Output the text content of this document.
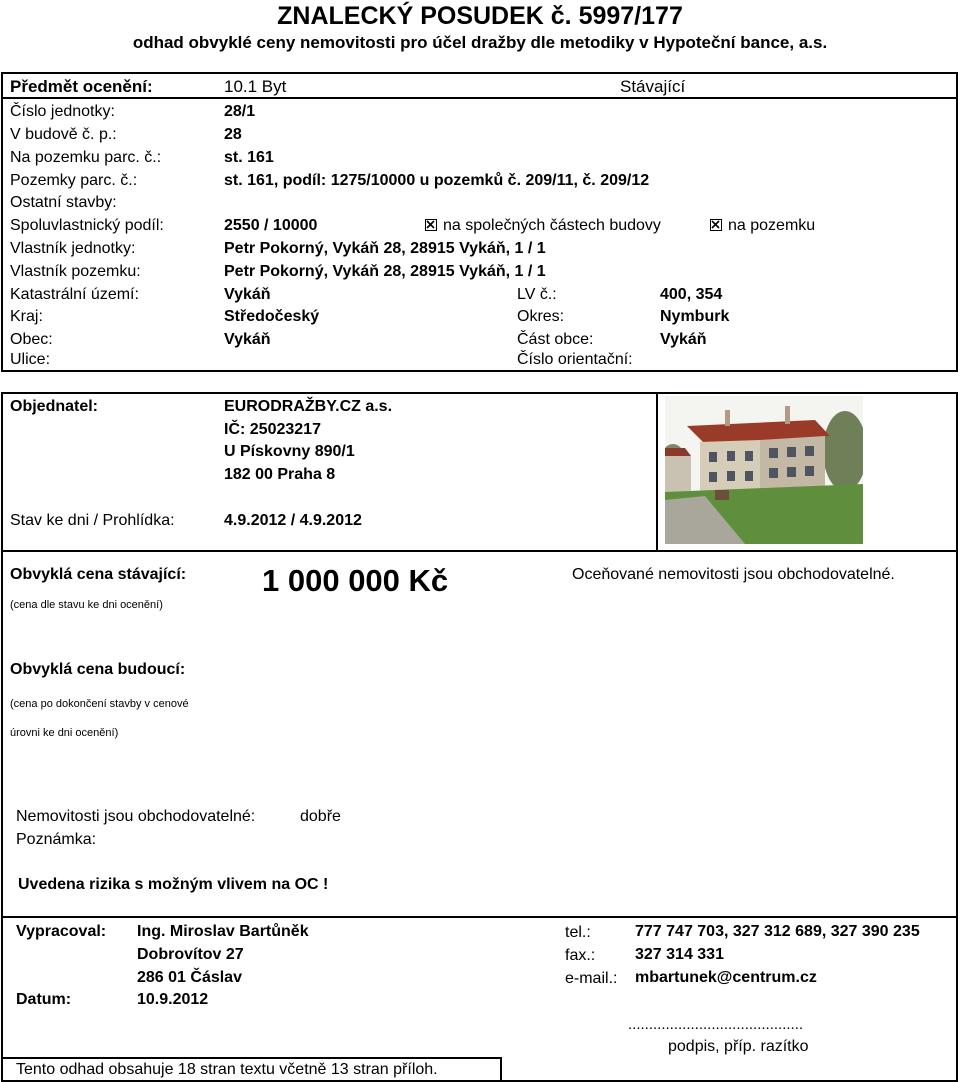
ZNALECKÝ POSUDEK č. 5997/177
odhad obvyklé ceny nemovitosti pro účel dražby dle metodiky v Hypoteční bance, a.s.
Předmět ocenění:	10.1 Byt	Stávající
Číslo jednotky:	28/1
V budově č. p.:	28
Na pozemku parc. č.:	st. 161
Pozemky parc. č.:	st. 161, podíl: 1275/10000 u pozemků č. 209/11, č. 209/12
Ostatní stavby:
Spoluvlastnický podíl:	2550 / 10000	na společných částech budovy	na pozemku
Vlastník jednotky:	Petr Pokorný, Vykáň 28, 28915 Vykáň, 1 / 1
Vlastník pozemku:	Petr Pokorný, Vykáň 28, 28915 Vykáň, 1 / 1
Katastrální území:	Vykáň	LV č.:	400, 354
Kraj:	Středočeský	Okres:	Nymburk
Obec:	Vykáň	Část obce:	Vykáň
Ulice:	Číslo orientační:
Objednatel:	EURODRAŽBY.CZ a.s.
IČ: 25023217
U Pískovny 890/1
182 00 Praha 8
Stav ke dni / Prohlídka:	4.9.2012 / 4.9.2012
Obvyklá cena stávající:
(cena dle stavu ke dni ocenění)
1 000 000 Kč	Oceňované nemovitosti jsou obchodovatelné.
Obvyklá cena budoucí:
(cena po dokončení stavby v cenové
úrovni ke dni ocenění)
Nemovitosti jsou obchodovatelné:	dobře
Poznámka:
Uvedena rizika s možným vlivem na OC !
Vypracoval: Ing. Miroslav Bartůněk
Dobrovítov 27
286 01 Čáslav
Datum:	10.9.2012
tel.:	777 747 703, 327 312 689, 327 390 235
fax.: 327 314 331
e-mail.: mbartunek@centrum.cz
..........................................
podpis, příp. razítko
Tento odhad obsahuje 18 stran textu včetně 13 stran příloh.
